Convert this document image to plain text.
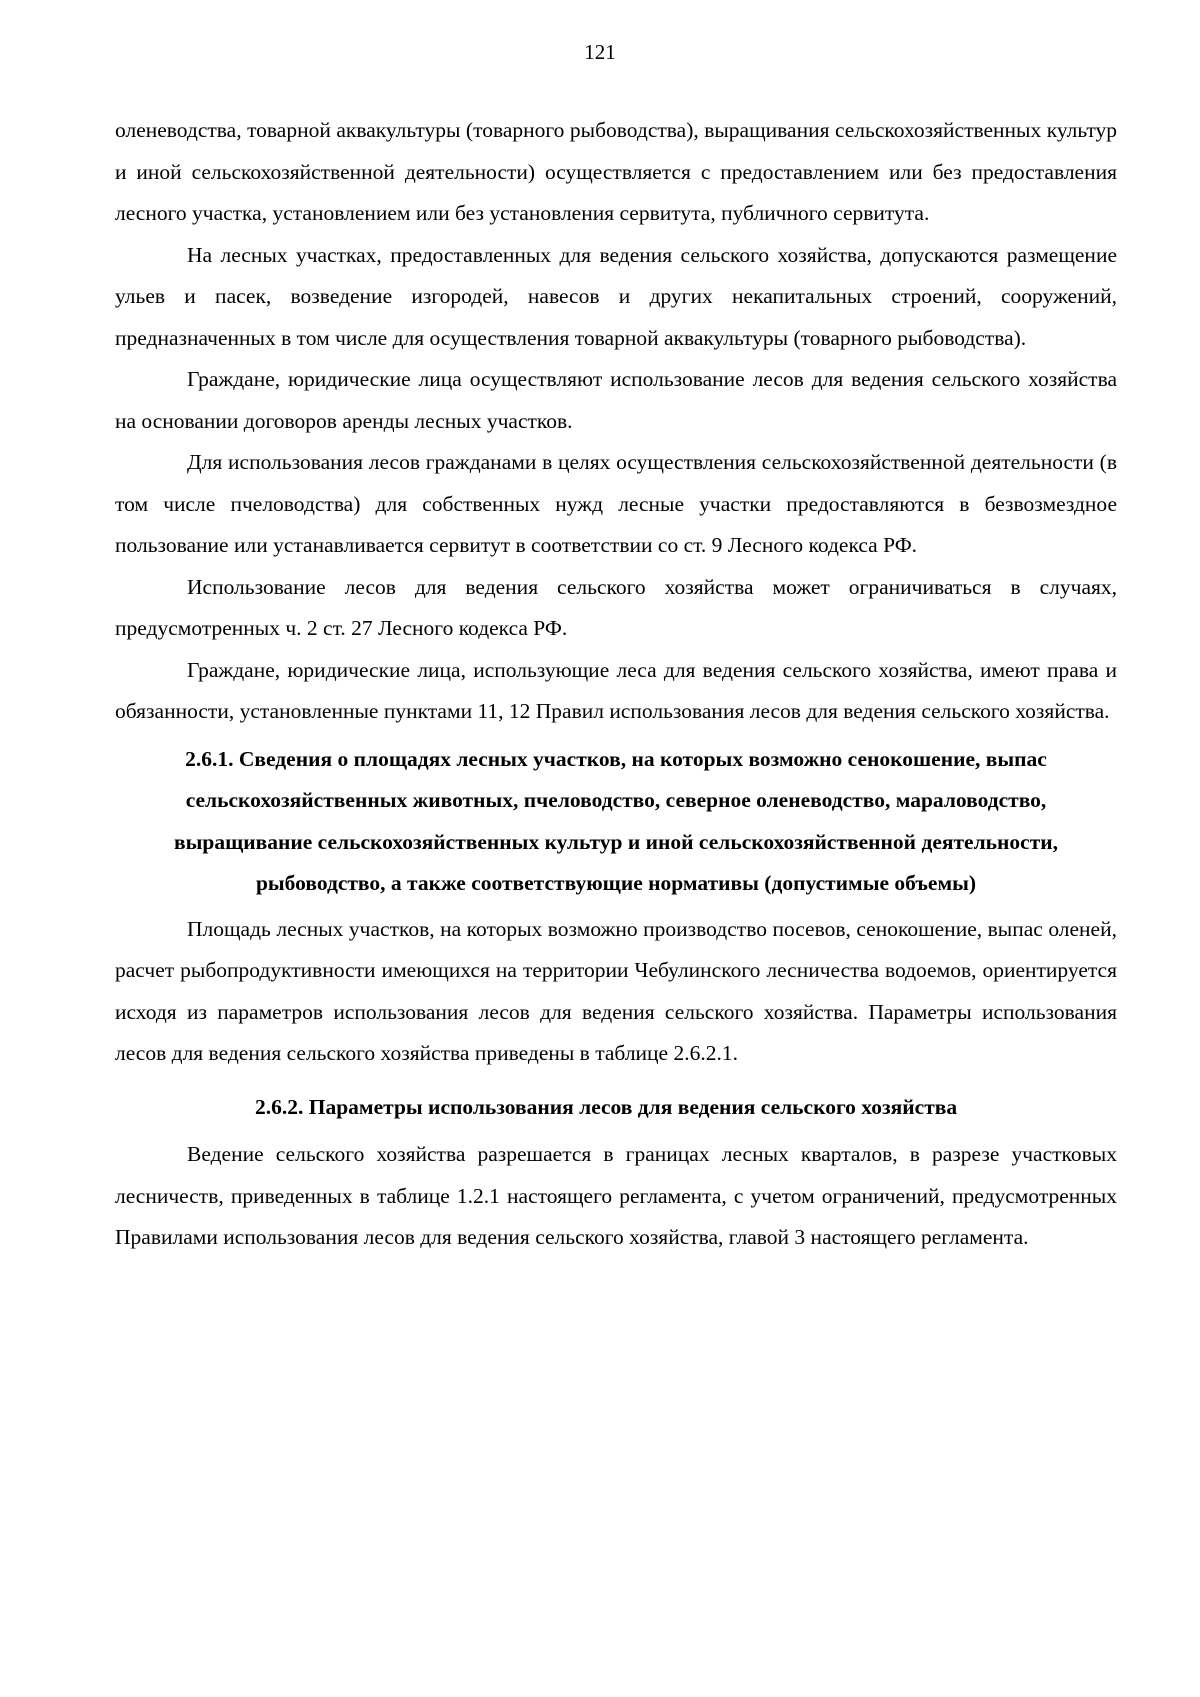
121

оленеводства, товарной аквакультуры (товарного рыбоводства), выращивания сельскохозяйственных культур и иной сельскохозяйственной деятельности) осуществляется с предоставлением или без предоставления лесного участка, установлением или без установления сервитута, публичного сервитута.

На лесных участках, предоставленных для ведения сельского хозяйства, допускаются размещение ульев и пасек, возведение изгородей, навесов и других некапитальных строений, сооружений, предназначенных в том числе для осуществления товарной аквакультуры (товарного рыбоводства).

Граждане, юридические лица осуществляют использование лесов для ведения сельского хозяйства на основании договоров аренды лесных участков.

Для использования лесов гражданами в целях осуществления сельскохозяйственной деятельности (в том числе пчеловодства) для собственных нужд лесные участки предоставляются в безвозмездное пользование или устанавливается сервитут в соответствии со ст. 9 Лесного кодекса РФ.

Использование лесов для ведения сельского хозяйства может ограничиваться в случаях, предусмотренных ч. 2 ст. 27 Лесного кодекса РФ.

Граждане, юридические лица, использующие леса для ведения сельского хозяйства, имеют права и обязанности, установленные пунктами 11, 12 Правил использования лесов для ведения сельского хозяйства.

2.6.1. Сведения о площадях лесных участков, на которых возможно сенокошение, выпас сельскохозяйственных животных, пчеловодство, северное оленеводство, мараловодство, выращивание сельскохозяйственных культур и иной сельскохозяйственной деятельности, рыбоводство, а также соответствующие нормативы (допустимые объемы)

Площадь лесных участков, на которых возможно производство посевов, сенокошение, выпас оленей, расчет рыбопродуктивности имеющихся на территории Чебулинского лесничества водоемов, ориентируется исходя из параметров использования лесов для ведения сельского хозяйства. Параметры использования лесов для ведения сельского хозяйства приведены в таблице 2.6.2.1.

2.6.2. Параметры использования лесов для ведения сельского хозяйства

Ведение сельского хозяйства разрешается в границах лесных кварталов, в разрезе участковых лесничеств, приведенных в таблице 1.2.1 настоящего регламента, с учетом ограничений, предусмотренных Правилами использования лесов для ведения сельского хозяйства, главой 3 настоящего регламента.
